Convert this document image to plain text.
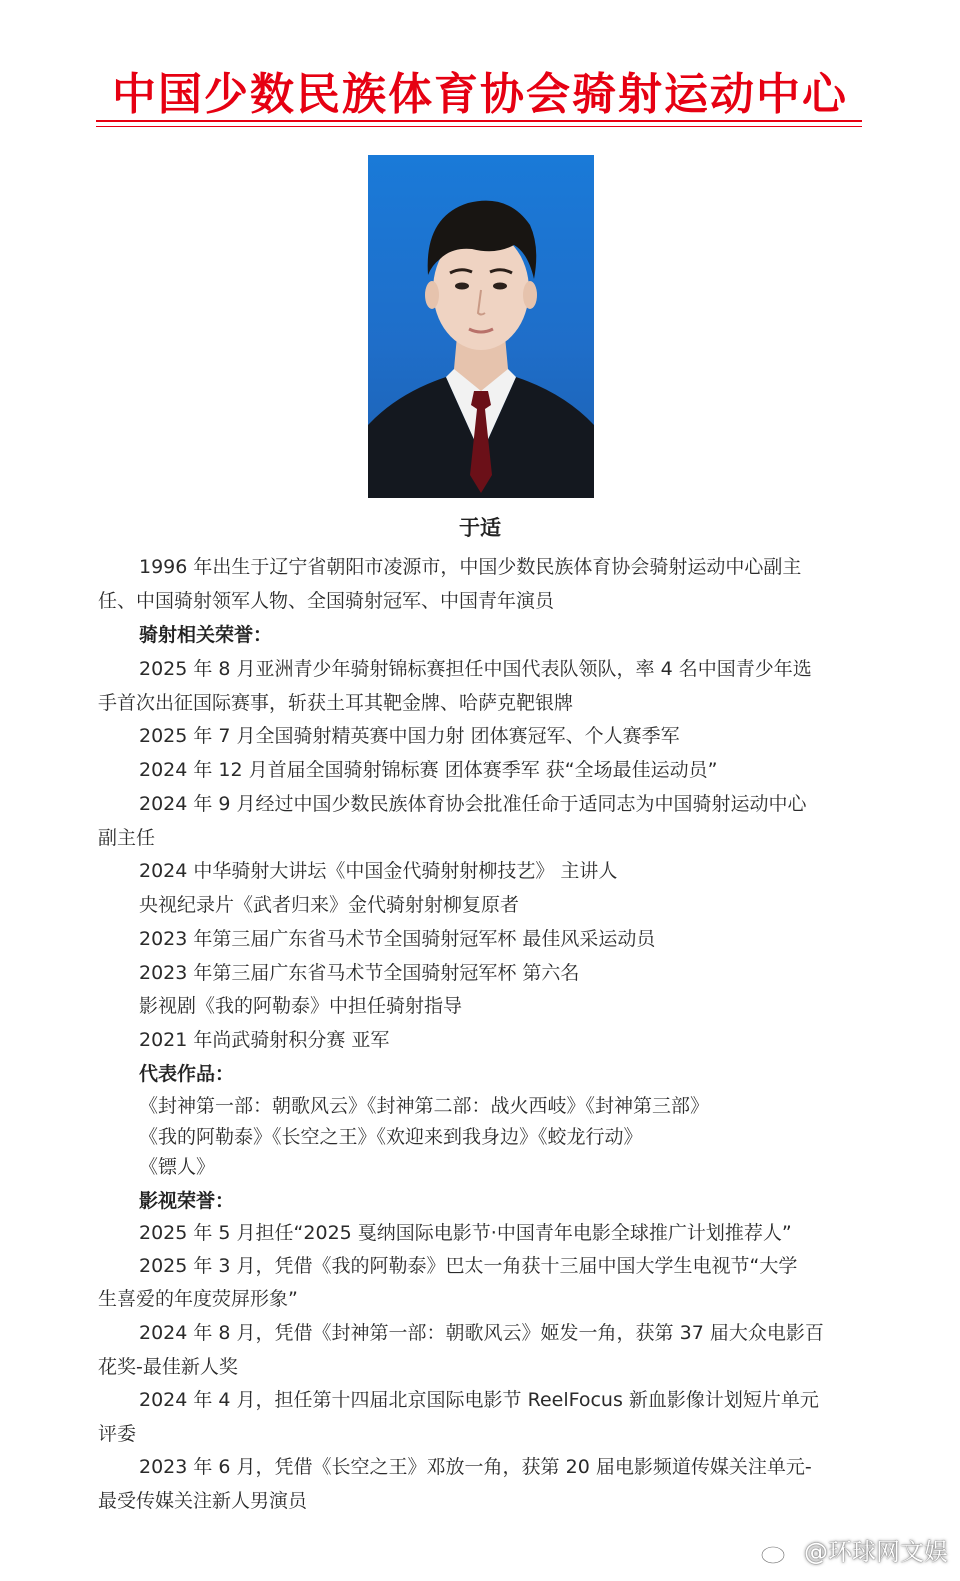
中国少数民族体育协会骑射运动中心
于适
1996 年出生于辽宁省朝阳市凌源市，中国少数民族体育协会骑射运动中心副主
任、中国骑射领军人物、全国骑射冠军、中国青年演员
骑射相关荣誉：
2025 年 8 月亚洲青少年骑射锦标赛担任中国代表队领队，率 4 名中国青少年选
手首次出征国际赛事，斩获土耳其靶金牌、哈萨克靶银牌
2025 年 7 月全国骑射精英赛中国力射 团体赛冠军、个人赛季军
2024 年 12 月首届全国骑射锦标赛 团体赛季军 获“全场最佳运动员”
2024 年 9 月经过中国少数民族体育协会批准任命于适同志为中国骑射运动中心
副主任
2024 中华骑射大讲坛《中国金代骑射射柳技艺》 主讲人
央视纪录片《武者归来》金代骑射射柳复原者
2023 年第三届广东省马术节全国骑射冠军杯 最佳风采运动员
2023 年第三届广东省马术节全国骑射冠军杯 第六名
影视剧《我的阿勒泰》中担任骑射指导
2021 年尚武骑射积分赛 亚军
代表作品：
《封神第一部：朝歌风云》《封神第二部：战火西岐》《封神第三部》
《我的阿勒泰》《长空之王》《欢迎来到我身边》《蛟龙行动》
《镖人》
影视荣誉：
2025 年 5 月担任“2025 戛纳国际电影节·中国青年电影全球推广计划推荐人”
2025 年 3 月，凭借《我的阿勒泰》巴太一角获十三届中国大学生电视节“大学
生喜爱的年度荧屏形象”
2024 年 8 月，凭借《封神第一部：朝歌风云》姬发一角，获第 37 届大众电影百
花奖-最佳新人奖
2024 年 4 月，担任第十四届北京国际电影节 ReelFocus 新血影像计划短片单元
评委
2023 年 6 月，凭借《长空之王》邓放一角，获第 20 届电影频道传媒关注单元-
最受传媒关注新人男演员
@环球网文娱
